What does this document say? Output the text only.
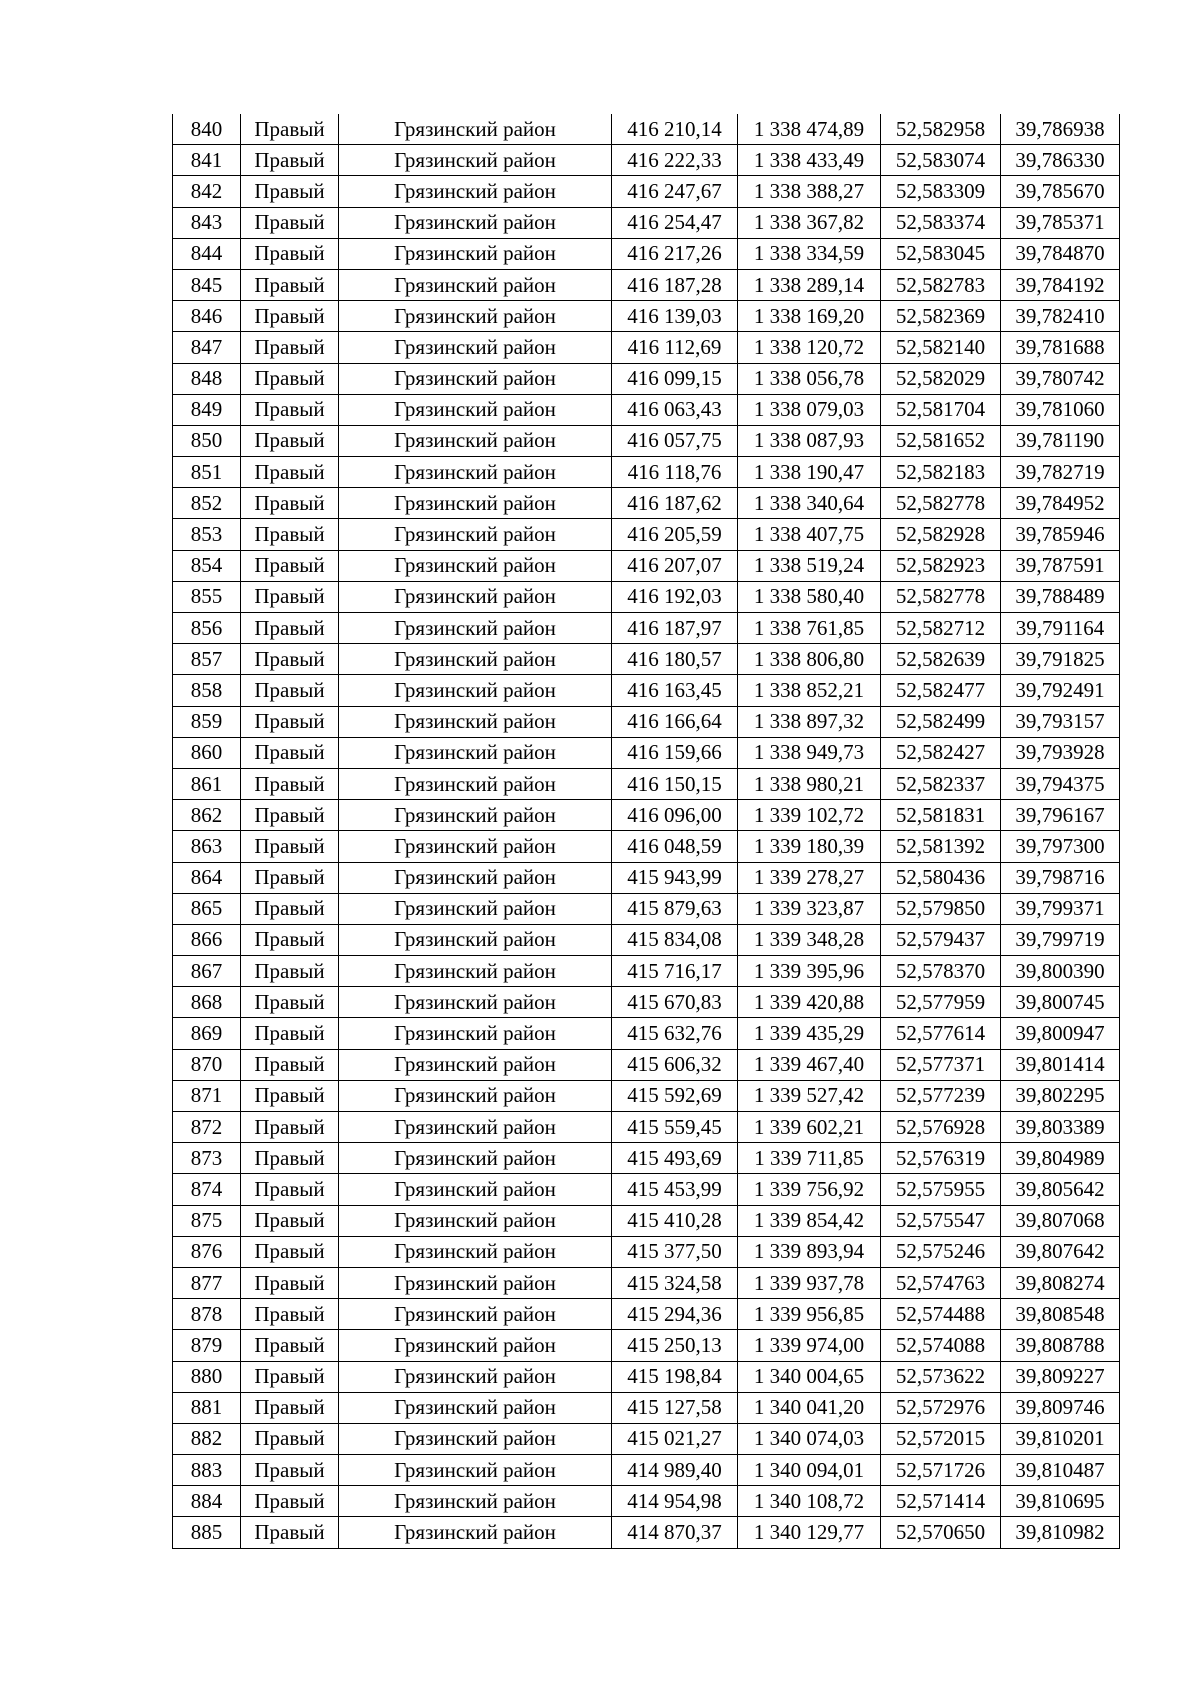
840	Правый	Грязинский район	416 210,14	1 338 474,89	52,582958	39,786938
841	Правый	Грязинский район	416 222,33	1 338 433,49	52,583074	39,786330
842	Правый	Грязинский район	416 247,67	1 338 388,27	52,583309	39,785670
843	Правый	Грязинский район	416 254,47	1 338 367,82	52,583374	39,785371
844	Правый	Грязинский район	416 217,26	1 338 334,59	52,583045	39,784870
845	Правый	Грязинский район	416 187,28	1 338 289,14	52,582783	39,784192
846	Правый	Грязинский район	416 139,03	1 338 169,20	52,582369	39,782410
847	Правый	Грязинский район	416 112,69	1 338 120,72	52,582140	39,781688
848	Правый	Грязинский район	416 099,15	1 338 056,78	52,582029	39,780742
849	Правый	Грязинский район	416 063,43	1 338 079,03	52,581704	39,781060
850	Правый	Грязинский район	416 057,75	1 338 087,93	52,581652	39,781190
851	Правый	Грязинский район	416 118,76	1 338 190,47	52,582183	39,782719
852	Правый	Грязинский район	416 187,62	1 338 340,64	52,582778	39,784952
853	Правый	Грязинский район	416 205,59	1 338 407,75	52,582928	39,785946
854	Правый	Грязинский район	416 207,07	1 338 519,24	52,582923	39,787591
855	Правый	Грязинский район	416 192,03	1 338 580,40	52,582778	39,788489
856	Правый	Грязинский район	416 187,97	1 338 761,85	52,582712	39,791164
857	Правый	Грязинский район	416 180,57	1 338 806,80	52,582639	39,791825
858	Правый	Грязинский район	416 163,45	1 338 852,21	52,582477	39,792491
859	Правый	Грязинский район	416 166,64	1 338 897,32	52,582499	39,793157
860	Правый	Грязинский район	416 159,66	1 338 949,73	52,582427	39,793928
861	Правый	Грязинский район	416 150,15	1 338 980,21	52,582337	39,794375
862	Правый	Грязинский район	416 096,00	1 339 102,72	52,581831	39,796167
863	Правый	Грязинский район	416 048,59	1 339 180,39	52,581392	39,797300
864	Правый	Грязинский район	415 943,99	1 339 278,27	52,580436	39,798716
865	Правый	Грязинский район	415 879,63	1 339 323,87	52,579850	39,799371
866	Правый	Грязинский район	415 834,08	1 339 348,28	52,579437	39,799719
867	Правый	Грязинский район	415 716,17	1 339 395,96	52,578370	39,800390
868	Правый	Грязинский район	415 670,83	1 339 420,88	52,577959	39,800745
869	Правый	Грязинский район	415 632,76	1 339 435,29	52,577614	39,800947
870	Правый	Грязинский район	415 606,32	1 339 467,40	52,577371	39,801414
871	Правый	Грязинский район	415 592,69	1 339 527,42	52,577239	39,802295
872	Правый	Грязинский район	415 559,45	1 339 602,21	52,576928	39,803389
873	Правый	Грязинский район	415 493,69	1 339 711,85	52,576319	39,804989
874	Правый	Грязинский район	415 453,99	1 339 756,92	52,575955	39,805642
875	Правый	Грязинский район	415 410,28	1 339 854,42	52,575547	39,807068
876	Правый	Грязинский район	415 377,50	1 339 893,94	52,575246	39,807642
877	Правый	Грязинский район	415 324,58	1 339 937,78	52,574763	39,808274
878	Правый	Грязинский район	415 294,36	1 339 956,85	52,574488	39,808548
879	Правый	Грязинский район	415 250,13	1 339 974,00	52,574088	39,808788
880	Правый	Грязинский район	415 198,84	1 340 004,65	52,573622	39,809227
881	Правый	Грязинский район	415 127,58	1 340 041,20	52,572976	39,809746
882	Правый	Грязинский район	415 021,27	1 340 074,03	52,572015	39,810201
883	Правый	Грязинский район	414 989,40	1 340 094,01	52,571726	39,810487
884	Правый	Грязинский район	414 954,98	1 340 108,72	52,571414	39,810695
885	Правый	Грязинский район	414 870,37	1 340 129,77	52,570650	39,810982
